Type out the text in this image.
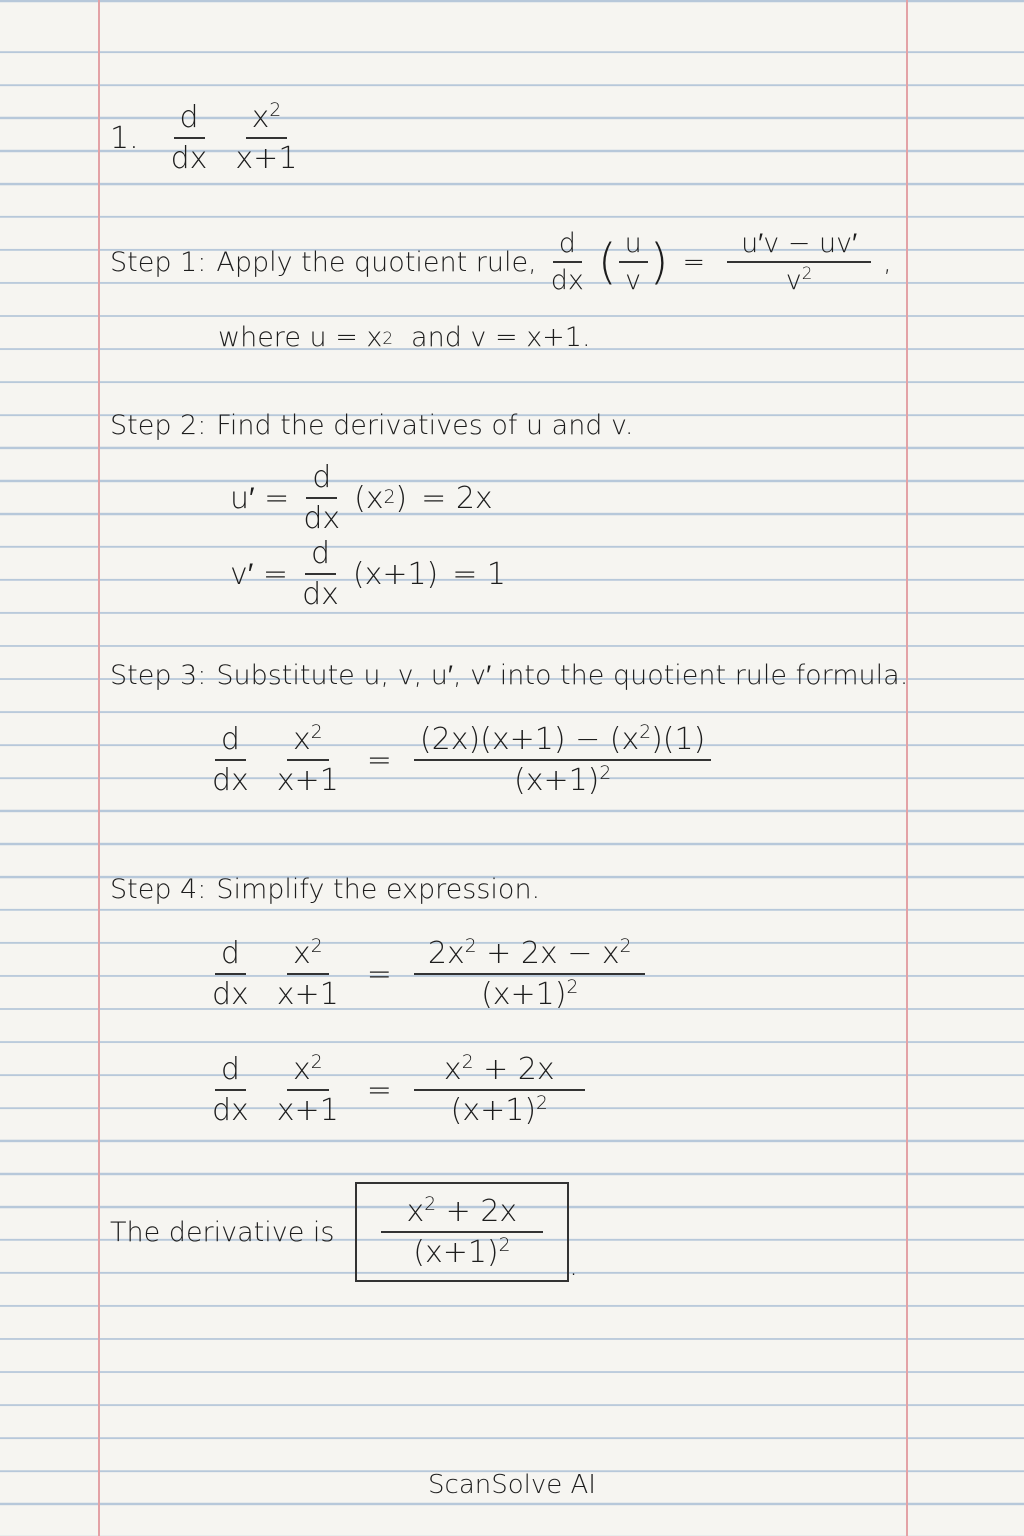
1. $\frac{d}{dx} \frac{x^2}{x+1}$
Step 1: Apply the quotient rule, $\frac{d}{dx}$ ( $\frac{u}{v}$ ) = $\frac{u'v - uv'}{v^2}$ ,
where u = x 2 and v = x+1.
Step 2: Find the derivatives of u and v.
$u' = \frac{d}{dx} (x$ 2 ) = 2x
$v' = \frac{d}{dx} (x+1) = 1$
Step 3: Substitute u, v, u′, v′ into the quotient rule formula.
$\frac{d}{dx} \frac{x^2}{x+1} = \frac{(2x)(x+1) - (x^2)(1)}{(x+1)^2}$
Step 4: Simplify the expression.
$\frac{d}{dx} \frac{x^2}{x+1} = \frac{2x^2 + 2x - x^2}{(x+1)^2}$
$\frac{d}{dx} \frac{x^2}{x+1} = \frac{x^2 + 2x}{(x+1)^2}$
The derivative is $\frac{x^2 + 2x}{(x+1)^2}$ .
ScanSolve AI
